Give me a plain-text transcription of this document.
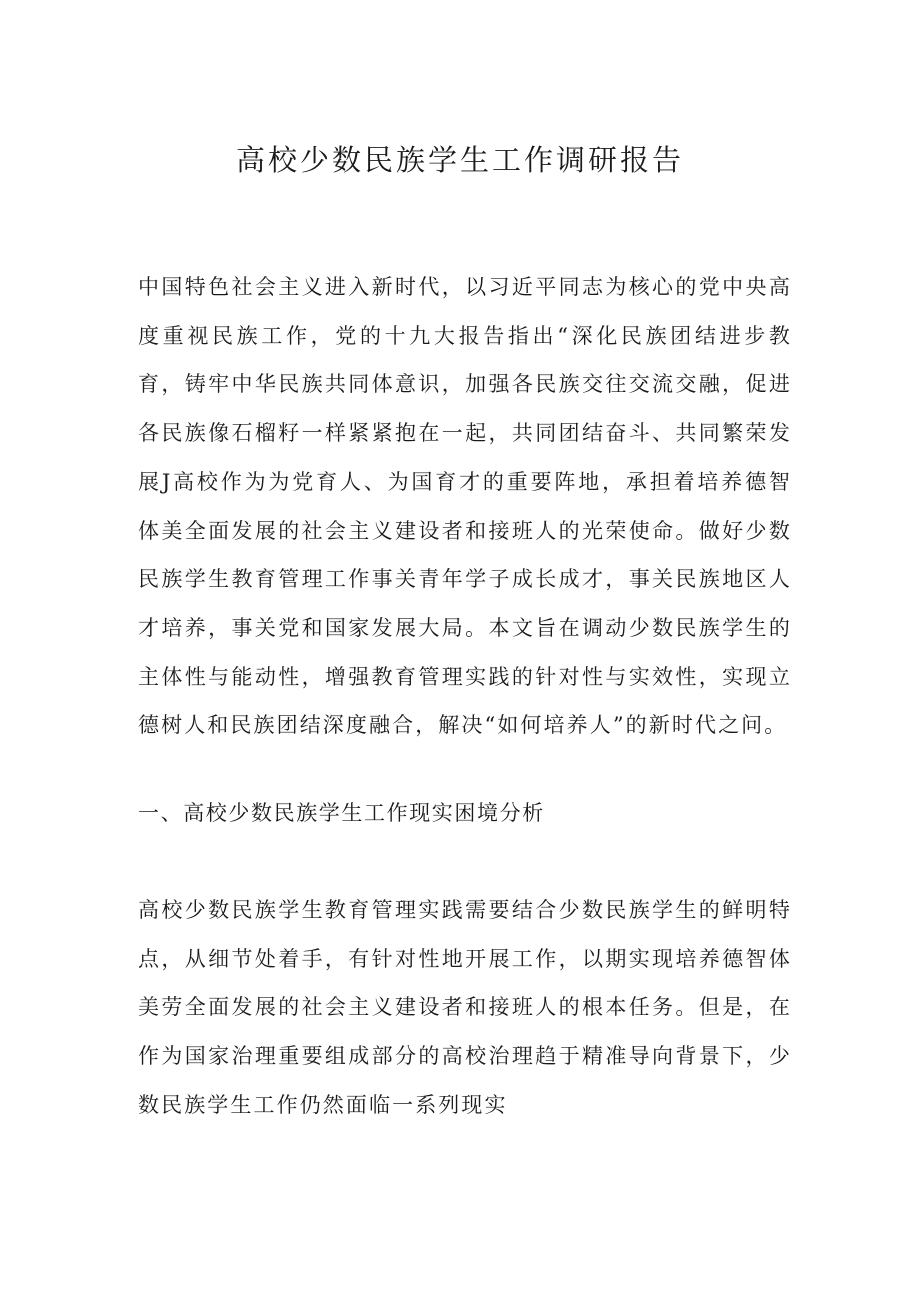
高校少数民族学生工作调研报告

中国特色社会主义进入新时代，以习近平同志为核心的党中央高度重视民族工作，党的十九大报告指出“深化民族团结进步教育，铸牢中华民族共同体意识，加强各民族交往交流交融，促进各民族像石榴籽一样紧紧抱在一起，共同团结奋斗、共同繁荣发展J高校作为为党育人、为国育才的重要阵地，承担着培养德智体美全面发展的社会主义建设者和接班人的光荣使命。做好少数民族学生教育管理工作事关青年学子成长成才，事关民族地区人才培养，事关党和国家发展大局。本文旨在调动少数民族学生的主体性与能动性，增强教育管理实践的针对性与实效性，实现立德树人和民族团结深度融合，解决“如何培养人”的新时代之问。

一、高校少数民族学生工作现实困境分析

高校少数民族学生教育管理实践需要结合少数民族学生的鲜明特点，从细节处着手，有针对性地开展工作，以期实现培养德智体美劳全面发展的社会主义建设者和接班人的根本任务。但是，在作为国家治理重要组成部分的高校治理趋于精准导向背景下，少数民族学生工作仍然面临一系列现实
